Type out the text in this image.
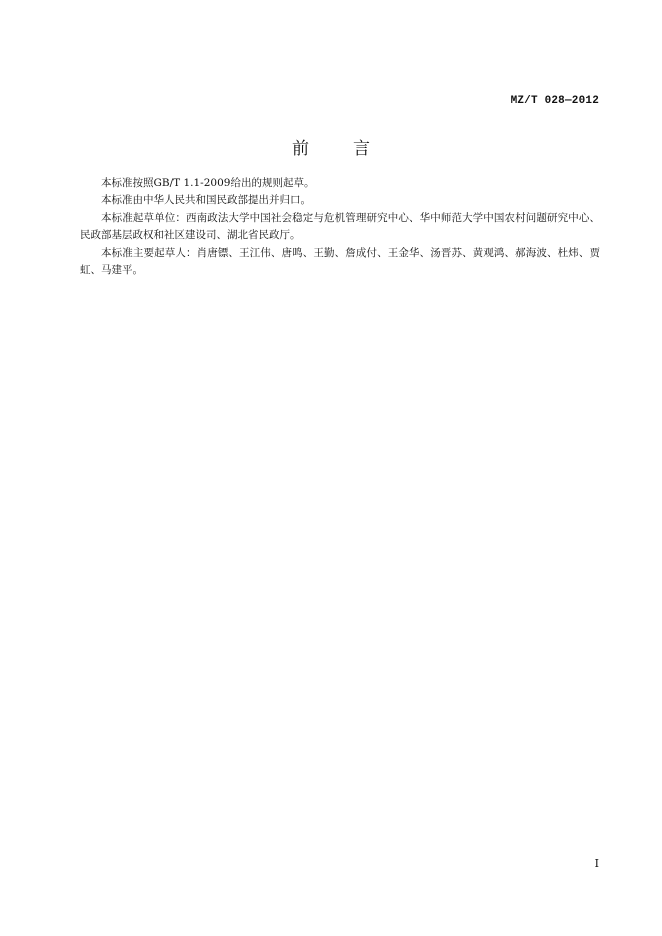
MZ/T 028—2012
前	言

本标准按照GB/T 1.1-2009给出的规则起草。

本标准由中华人民共和国民政部提出并归口。

本标准起草单位：西南政法大学中国社会稳定与危机管理研究中心、华中师范大学中国农村问题研究中心、民政部基层政权和社区建设司、湖北省民政厅。

本标准主要起草人：肖唐镖、王江伟、唐鸣、王勤、詹成付、王金华、汤晋苏、黄观鸿、郝海波、杜炜、贾虹、马建平。

I
